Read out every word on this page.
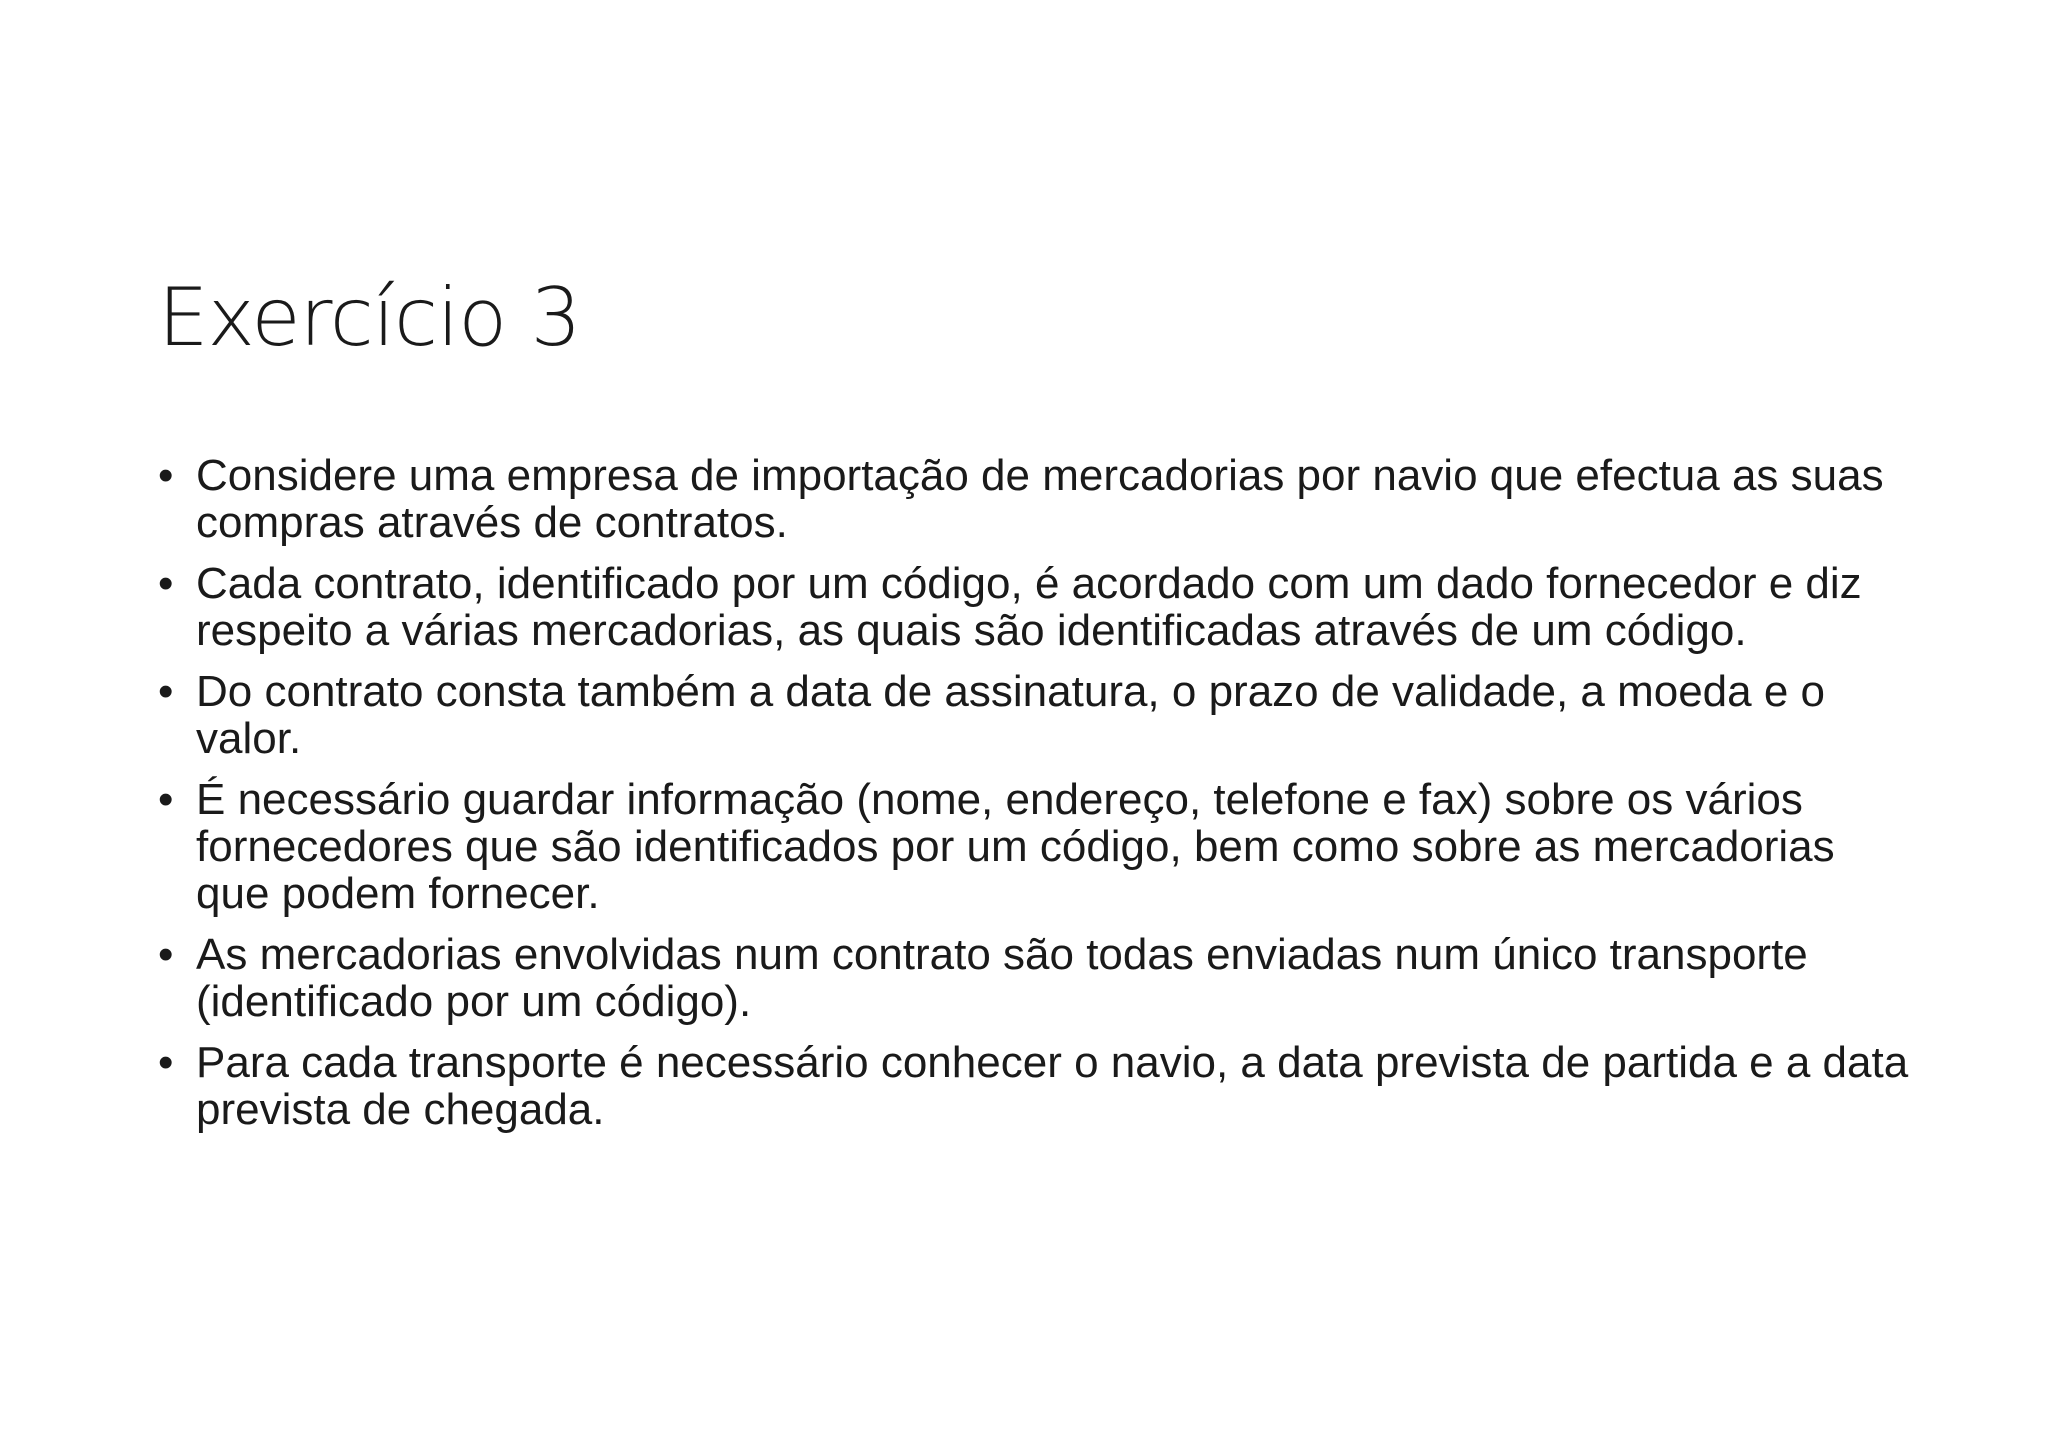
Exercício 3
• Considere uma empresa de importação de mercadorias por navio que efectua as suas compras através de contratos.
• Cada contrato, identificado por um código, é acordado com um dado fornecedor e diz respeito a várias mercadorias, as quais são identificadas através de um código.
• Do contrato consta também a data de assinatura, o prazo de validade, a moeda e o valor.
• É necessário guardar informação (nome, endereço, telefone e fax) sobre os vários fornecedores que são identificados por um código, bem como sobre as mercadorias que podem fornecer.
• As mercadorias envolvidas num contrato são todas enviadas num único transporte (identificado por um código).
• Para cada transporte é necessário conhecer o navio, a data prevista de partida e a data prevista de chegada.
